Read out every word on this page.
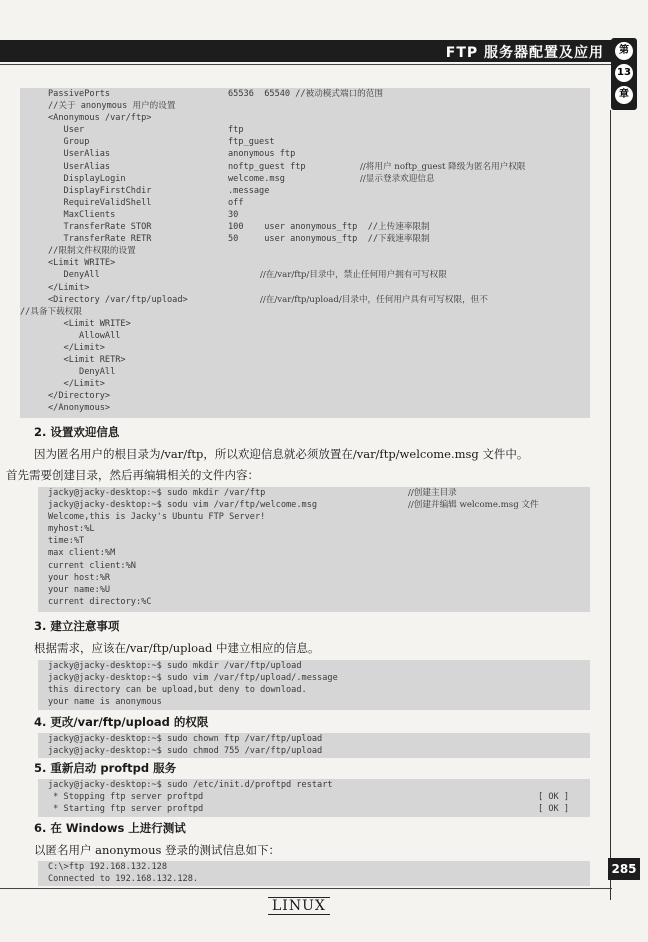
FTP 服务器配置及应用	第
13
章
PassivePorts	65536  65540 //被动模式端口的范围
//关于 anonymous 用户的设置
<Anonymous /var/ftp>
User	ftp
Group	ftp_guest
UserAlias	anonymous ftp
UserAlias	noftp_guest ftp	//将用户 noftp_guest 降级为匿名用户权限
DisplayLogin	welcome.msg	//显示登录欢迎信息
DisplayFirstChdir	.message
RequireValidShell	off
MaxClients	30
TransferRate STOR	100    user anonymous_ftp  //上传速率限制
TransferRate RETR	50     user anonymous_ftp  //下载速率限制
//限制文件权限的设置
<Limit WRITE>
DenyAll	//在/var/ftp/目录中，禁止任何用户拥有可写权限
</Limit>
<Directory /var/ftp/upload>	//在/var/ftp/upload/目录中，任何用户具有可写权限，但不
//具备下载权限
<Limit WRITE>
AllowAll
</Limit>
<Limit RETR>
DenyAll
</Limit>
</Directory>
</Anonymous>
2. 设置欢迎信息
因为匿名用户的根目录为/var/ftp，所以欢迎信息就必须放置在/var/ftp/welcome.msg 文件中。
首先需要创建目录，然后再编辑相关的文件内容：
jacky@jacky-desktop:~$ sudo mkdir /var/ftp	//创建主目录
jacky@jacky-desktop:~$ sodu vim /var/ftp/welcome.msg	//创建并编辑 welcome.msg 文件
Welcome,this is Jacky's Ubuntu FTP Server!
myhost:%L
time:%T
max client:%M
current client:%N
your host:%R
your name:%U
current directory:%C
3. 建立注意事项
根据需求，应该在/var/ftp/upload 中建立相应的信息。
jacky@jacky-desktop:~$ sudo mkdir /var/ftp/upload
jacky@jacky-desktop:~$ sudo vim /var/ftp/upload/.message
this directory can be upload,but deny to download.
your name is anonymous
4. 更改/var/ftp/upload 的权限
jacky@jacky-desktop:~$ sudo chown ftp /var/ftp/upload
jacky@jacky-desktop:~$ sudo chmod 755 /var/ftp/upload
5. 重新启动 proftpd 服务
jacky@jacky-desktop:~$ sudo /etc/init.d/proftpd restart
* Stopping ftp server proftpd	[ OK ]
* Starting ftp server proftpd	[ OK ]
6. 在 Windows 上进行测试
以匿名用户 anonymous 登录的测试信息如下：
C:\>ftp 192.168.132.128
Connected to 192.168.132.128.
LINUX
285
